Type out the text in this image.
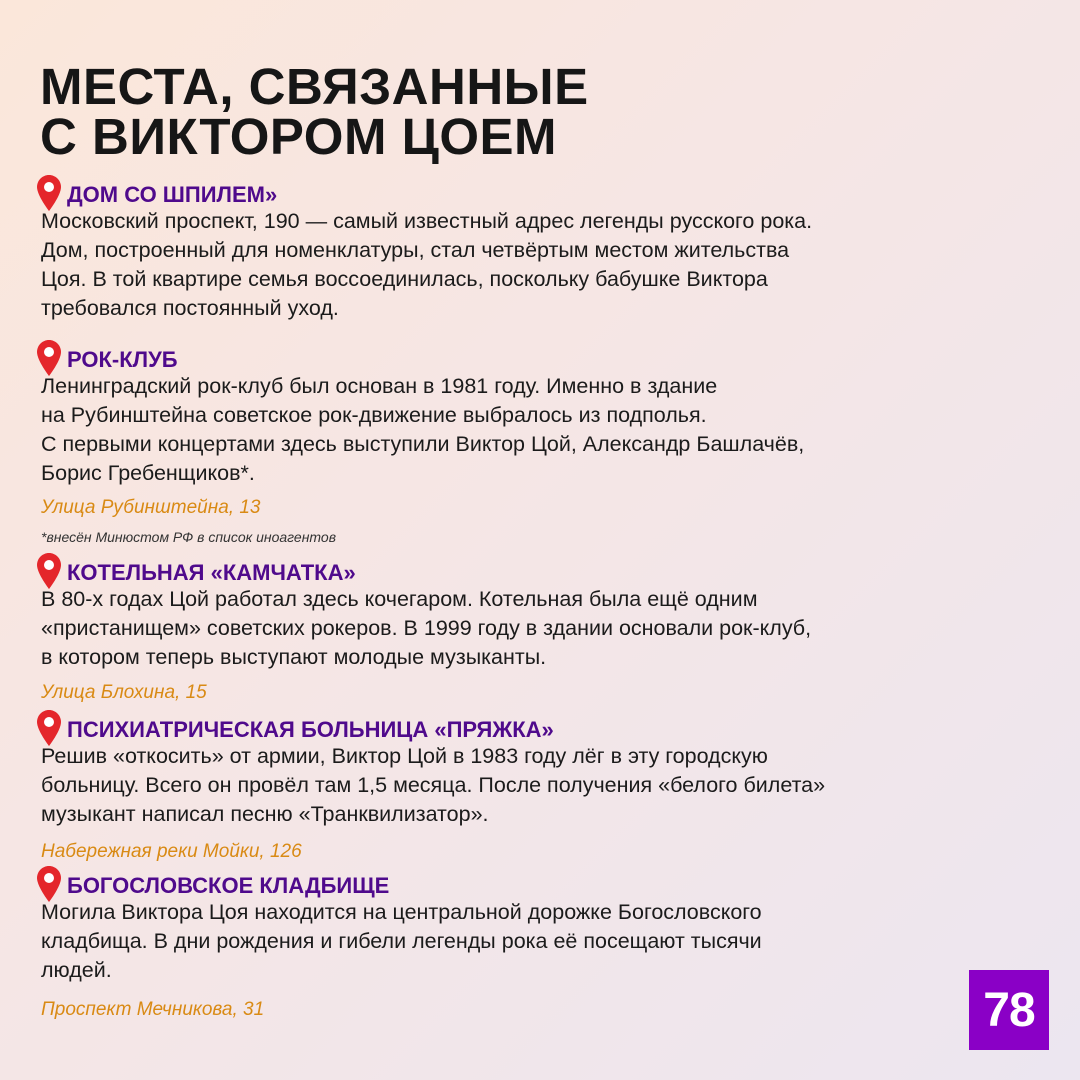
МЕСТА, СВЯЗАННЫЕ
С ВИКТОРОМ ЦОЕМ
ДОМ СО ШПИЛЕМ»

Московский проспект, 190 — самый известный адрес легенды русского рока.
Дом, построенный для номенклатуры, стал четвёртым местом жительства
Цоя. В той квартире семья воссоединилась, поскольку бабушке Виктора
требовался постоянный уход.

РОК-КЛУБ

Ленинградский рок-клуб был основан в 1981 году. Именно в здание
на Рубинштейна советское рок-движение выбралось из подполья.
С первыми концертами здесь выступили Виктор Цой, Александр Башлачёв,
Борис Гребенщиков*.

Улица Рубинштейна, 13

*внесён Минюстом РФ в список иноагентов

КОТЕЛЬНАЯ «КАМЧАТКА»

В 80-х годах Цой работал здесь кочегаром. Котельная была ещё одним
«пристанищем» советских рокеров. В 1999 году в здании основали рок-клуб,
в котором теперь выступают молодые музыканты.

Улица Блохина, 15

ПСИХИАТРИЧЕСКАЯ БОЛЬНИЦА «ПРЯЖКА»

Решив «откосить» от армии, Виктор Цой в 1983 году лёг в эту городскую
больницу. Всего он провёл там 1,5 месяца. После получения «белого билета»
музыкант написал песню «Транквилизатор».

Набережная реки Мойки, 126

БОГОСЛОВСКОЕ КЛАДБИЩЕ

Могила Виктора Цоя находится на центральной дорожке Богословского
кладбища. В дни рождения и гибели легенды рока её посещают тысячи
людей.

Проспект Мечникова, 31	78
